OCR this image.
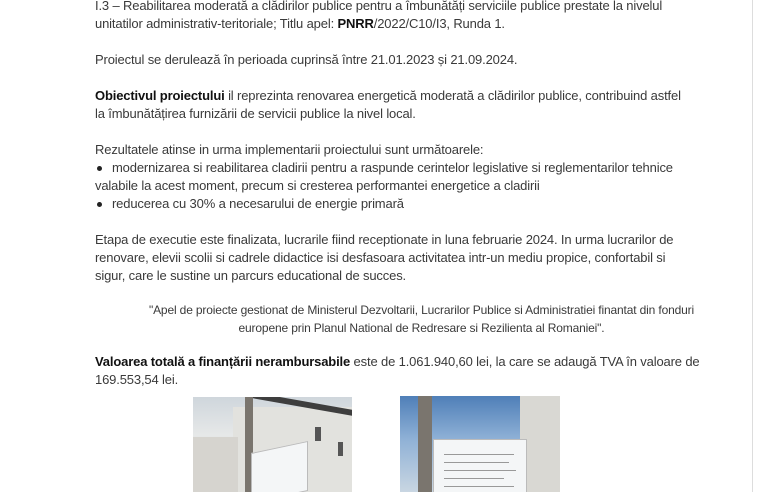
I.3 – Reabilitarea moderată a clădirilor publice pentru a îmbunătăți serviciile publice prestate la nivelul
unitatilor administrativ-teritoriale; Titlu apel: PNRR/2022/C10/I3, Runda 1.
Proiectul se derulează în perioada cuprinsă între 21.01.2023 și 21.09.2024.
Obiectivul proiectului il reprezinta renovarea energetică moderată a clădirilor publice, contribuind astfel
la îmbunătățirea furnizării de servicii publice la nivel local.
Rezultatele atinse in urma implementarii proiectului sunt următoarele:
modernizarea si reabilitarea cladirii pentru a raspunde cerintelor legislative si reglementarilor tehnice
valabile la acest moment, precum si cresterea performantei energetice a cladirii
reducerea cu 30% a necesarului de energie primară
Etapa de executie este finalizata, lucrarile fiind receptionate in luna februarie 2024. In urma lucrarilor de
renovare, elevii scolii si cadrele didactice isi desfasoara activitatea intr-un mediu propice, confortabil si
sigur, care le sustine un parcurs educational de succes.
"Apel de proiecte gestionat de Ministerul Dezvoltarii, Lucrarilor Publice si Administratiei finantat din fonduri
europene prin Planul National de Redresare si Rezilienta al Romaniei".
Valoarea totală a finanțării nerambursabile este de 1.061.940,60 lei, la care se adaugă TVA în valoare de
169.553,54 lei.
